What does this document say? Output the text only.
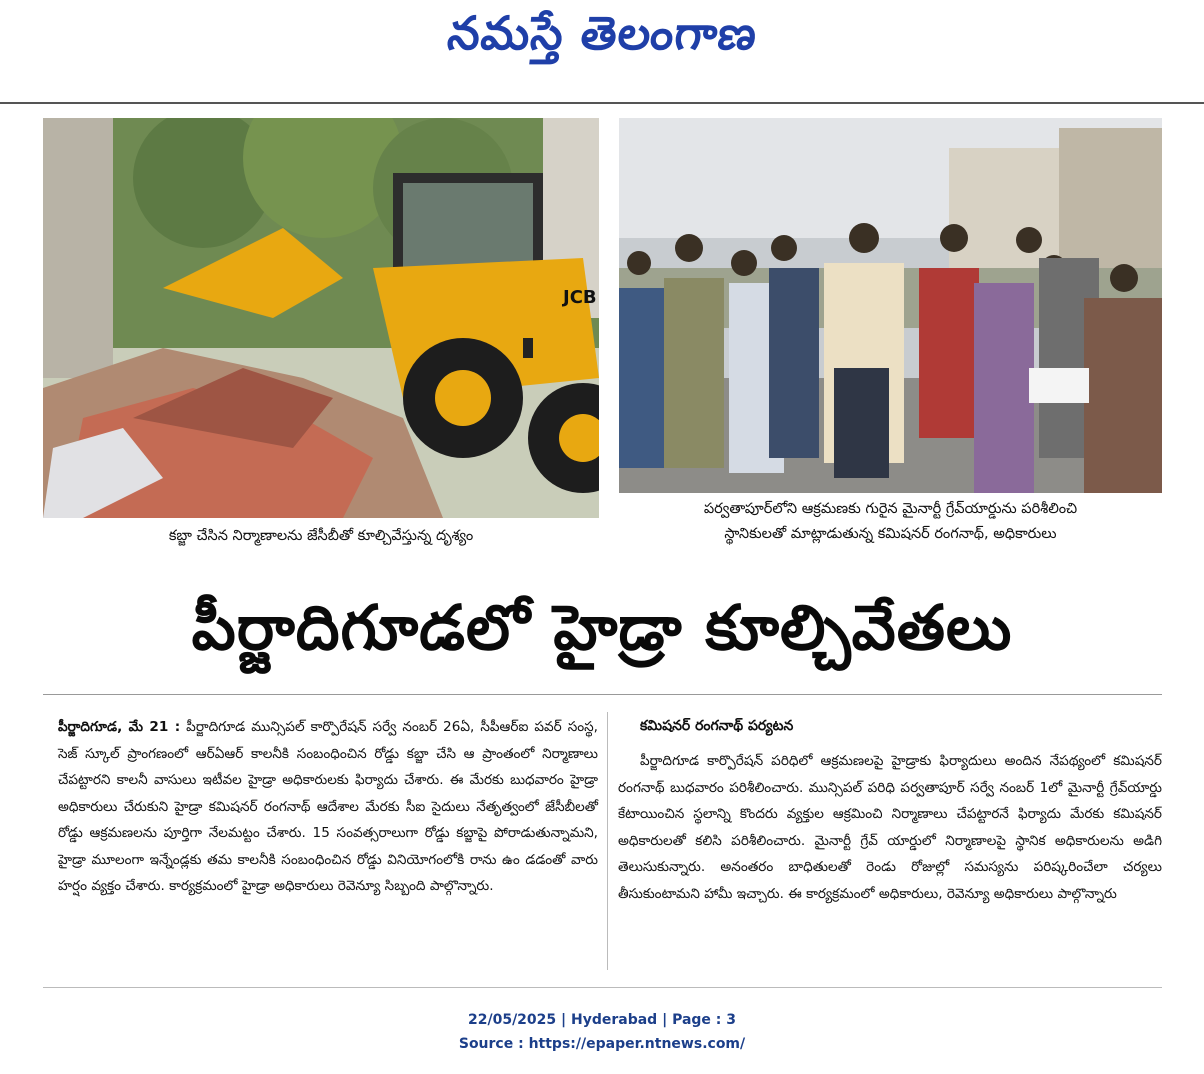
నమస్తే తెలంగాణ
JCB
కబ్జా చేసిన నిర్మాణాలను జేసీబీతో కూల్చివేస్తున్న దృశ్యం
పర్వతాపూర్‌లోని ఆక్రమణకు గురైన మైనార్టీ గ్రేవ్‌యార్డును పరిశీలించి
స్థానికులతో మాట్లాడుతున్న కమిషనర్ రంగనాథ్, అధికారులు
పీర్జాదిగూడలో హైడ్రా కూల్చివేతలు

పీర్జాదిగూడ, మే 21 : పీర్జాదిగూడ మున్సిపల్ కార్పొరేషన్ సర్వే నంబర్ 26ఏ, సీపీఆర్ఐ పవర్ సంస్థ, సెజ్ స్కూల్ ప్రాంగణంలో ఆర్ఏఆర్ కాలనీకి సంబంధించిన రోడ్డు కబ్జా చేసి ఆ ప్రాంతంలో నిర్మాణాలు చేపట్టారని కాలనీ వాసులు ఇటీవల హైడ్రా అధికారులకు ఫిర్యాదు చేశారు. ఈ మేరకు బుధవారం హైడ్రా అధికారులు చేరుకుని హైడ్రా కమిషనర్ రంగనాథ్ ఆదేశాల మేరకు సీఐ సైదులు నేతృత్వంలో జేసీబీలతో రోడ్డు ఆక్రమణలను పూర్తిగా నేలమట్టం చేశారు. 15 సంవత్సరాలుగా రోడ్డు కబ్జాపై పోరాడుతున్నామని, హైడ్రా మూలంగా ఇన్నేండ్లకు తమ కాలనీకి సంబంధించిన రోడ్డు వినియోగంలోకి రాను ఉం డడంతో వారు హర్షం వ్యక్తం చేశారు. కార్యక్రమంలో హైడ్రా అధికారులు రెవెన్యూ సిబ్బంది పాల్గొన్నారు.

కమిషనర్ రంగనాథ్ పర్యటన

పీర్జాదిగూడ కార్పొరేషన్ పరిధిలో ఆక్రమణలపై హైడ్రాకు ఫిర్యాదులు అందిన నేపథ్యంలో కమిషనర్ రంగనాథ్ బుధవారం పరిశీలించారు. మున్సిపల్ పరిధి పర్వతాపూర్ సర్వే నంబర్ 1లో మైనార్టీ గ్రేవ్‌యార్డు కేటాయించిన స్థలాన్ని కొందరు వ్యక్తుల ఆక్రమించి నిర్మాణాలు చేపట్టారనే ఫిర్యాదు మేరకు కమిషనర్ అధికారులతో కలిసి పరిశీలించారు. మైనార్టీ గ్రేవ్ యార్డులో నిర్మాణాలపై స్థానిక అధికారులను అడిగి తెలుసుకున్నారు. అనంతరం బాధితులతో రెండు రోజుల్లో సమస్యను పరిష్కరించేలా చర్యలు తీసుకుంటామని హామీ ఇచ్చారు. ఈ కార్యక్రమంలో అధికారులు, రెవెన్యూ అధికారులు పాల్గొన్నారు

22/05/2025 | Hyderabad | Page : 3
Source : https://epaper.ntnews.com/
